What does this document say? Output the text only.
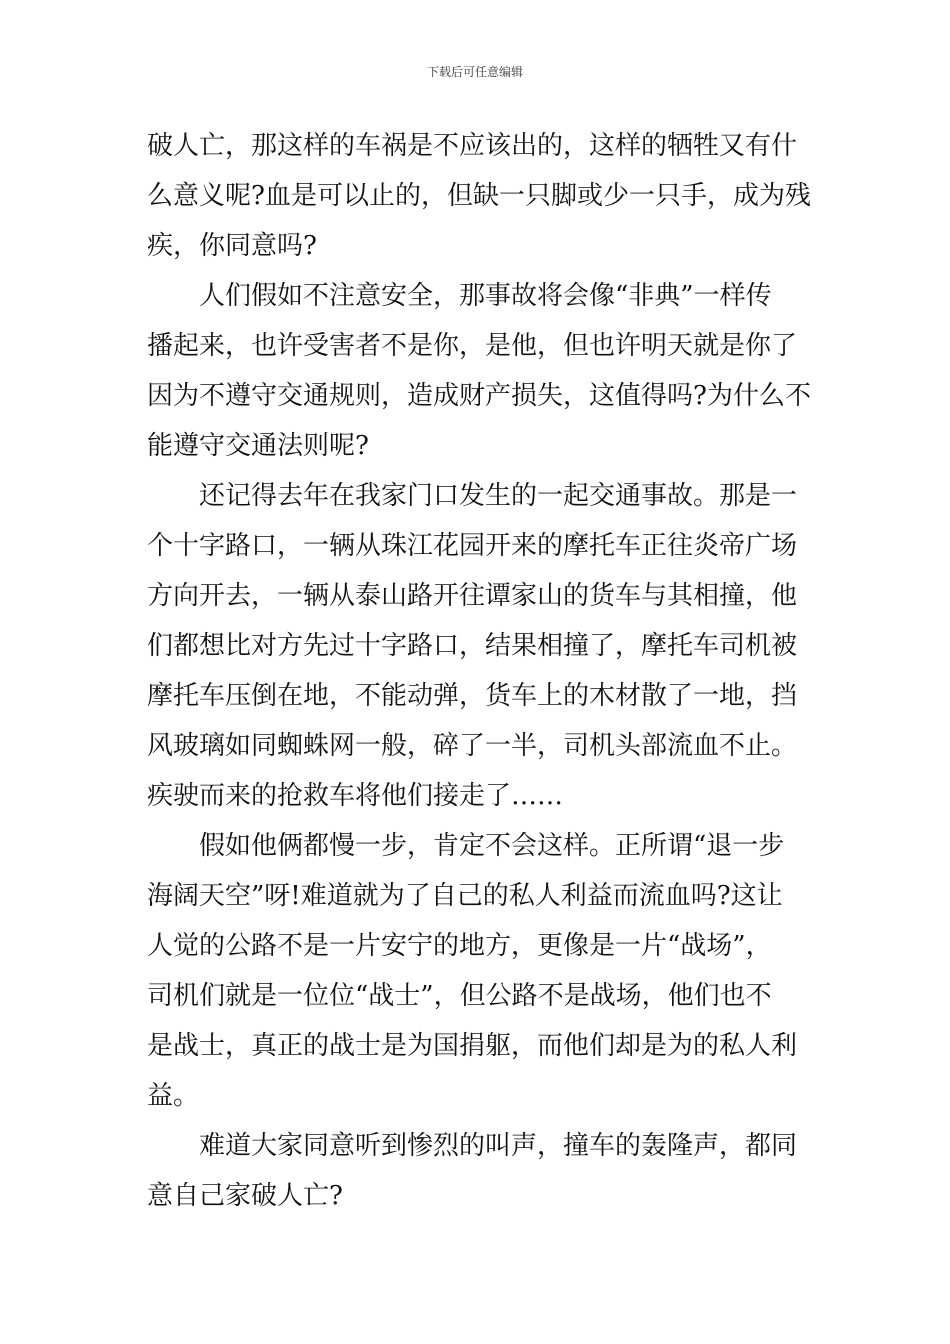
下载后可任意编辑
破人亡，那这样的车祸是不应该出的，这样的牺牲又有什
么意义呢?血是可以止的，但缺一只脚或少一只手，成为残
疾，你同意吗?
人们假如不注意安全，那事故将会像“非典”一样传
播起来，也许受害者不是你，是他，但也许明天就是你了
因为不遵守交通规则，造成财产损失，这值得吗?为什么不
能遵守交通法则呢?
还记得去年在我家门口发生的一起交通事故。那是一
个十字路口，一辆从珠江花园开来的摩托车正往炎帝广场
方向开去，一辆从泰山路开往谭家山的货车与其相撞，他
们都想比对方先过十字路口，结果相撞了，摩托车司机被
摩托车压倒在地，不能动弹，货车上的木材散了一地，挡
风玻璃如同蜘蛛网一般，碎了一半，司机头部流血不止。
疾驶而来的抢救车将他们接走了……
假如他俩都慢一步，肯定不会这样。正所谓“退一步
海阔天空”呀!难道就为了自己的私人利益而流血吗?这让
人觉的公路不是一片安宁的地方，更像是一片“战场”，
司机们就是一位位“战士”，但公路不是战场，他们也不
是战士，真正的战士是为国捐躯，而他们却是为的私人利
益。
难道大家同意听到惨烈的叫声，撞车的轰隆声，都同
意自己家破人亡?
